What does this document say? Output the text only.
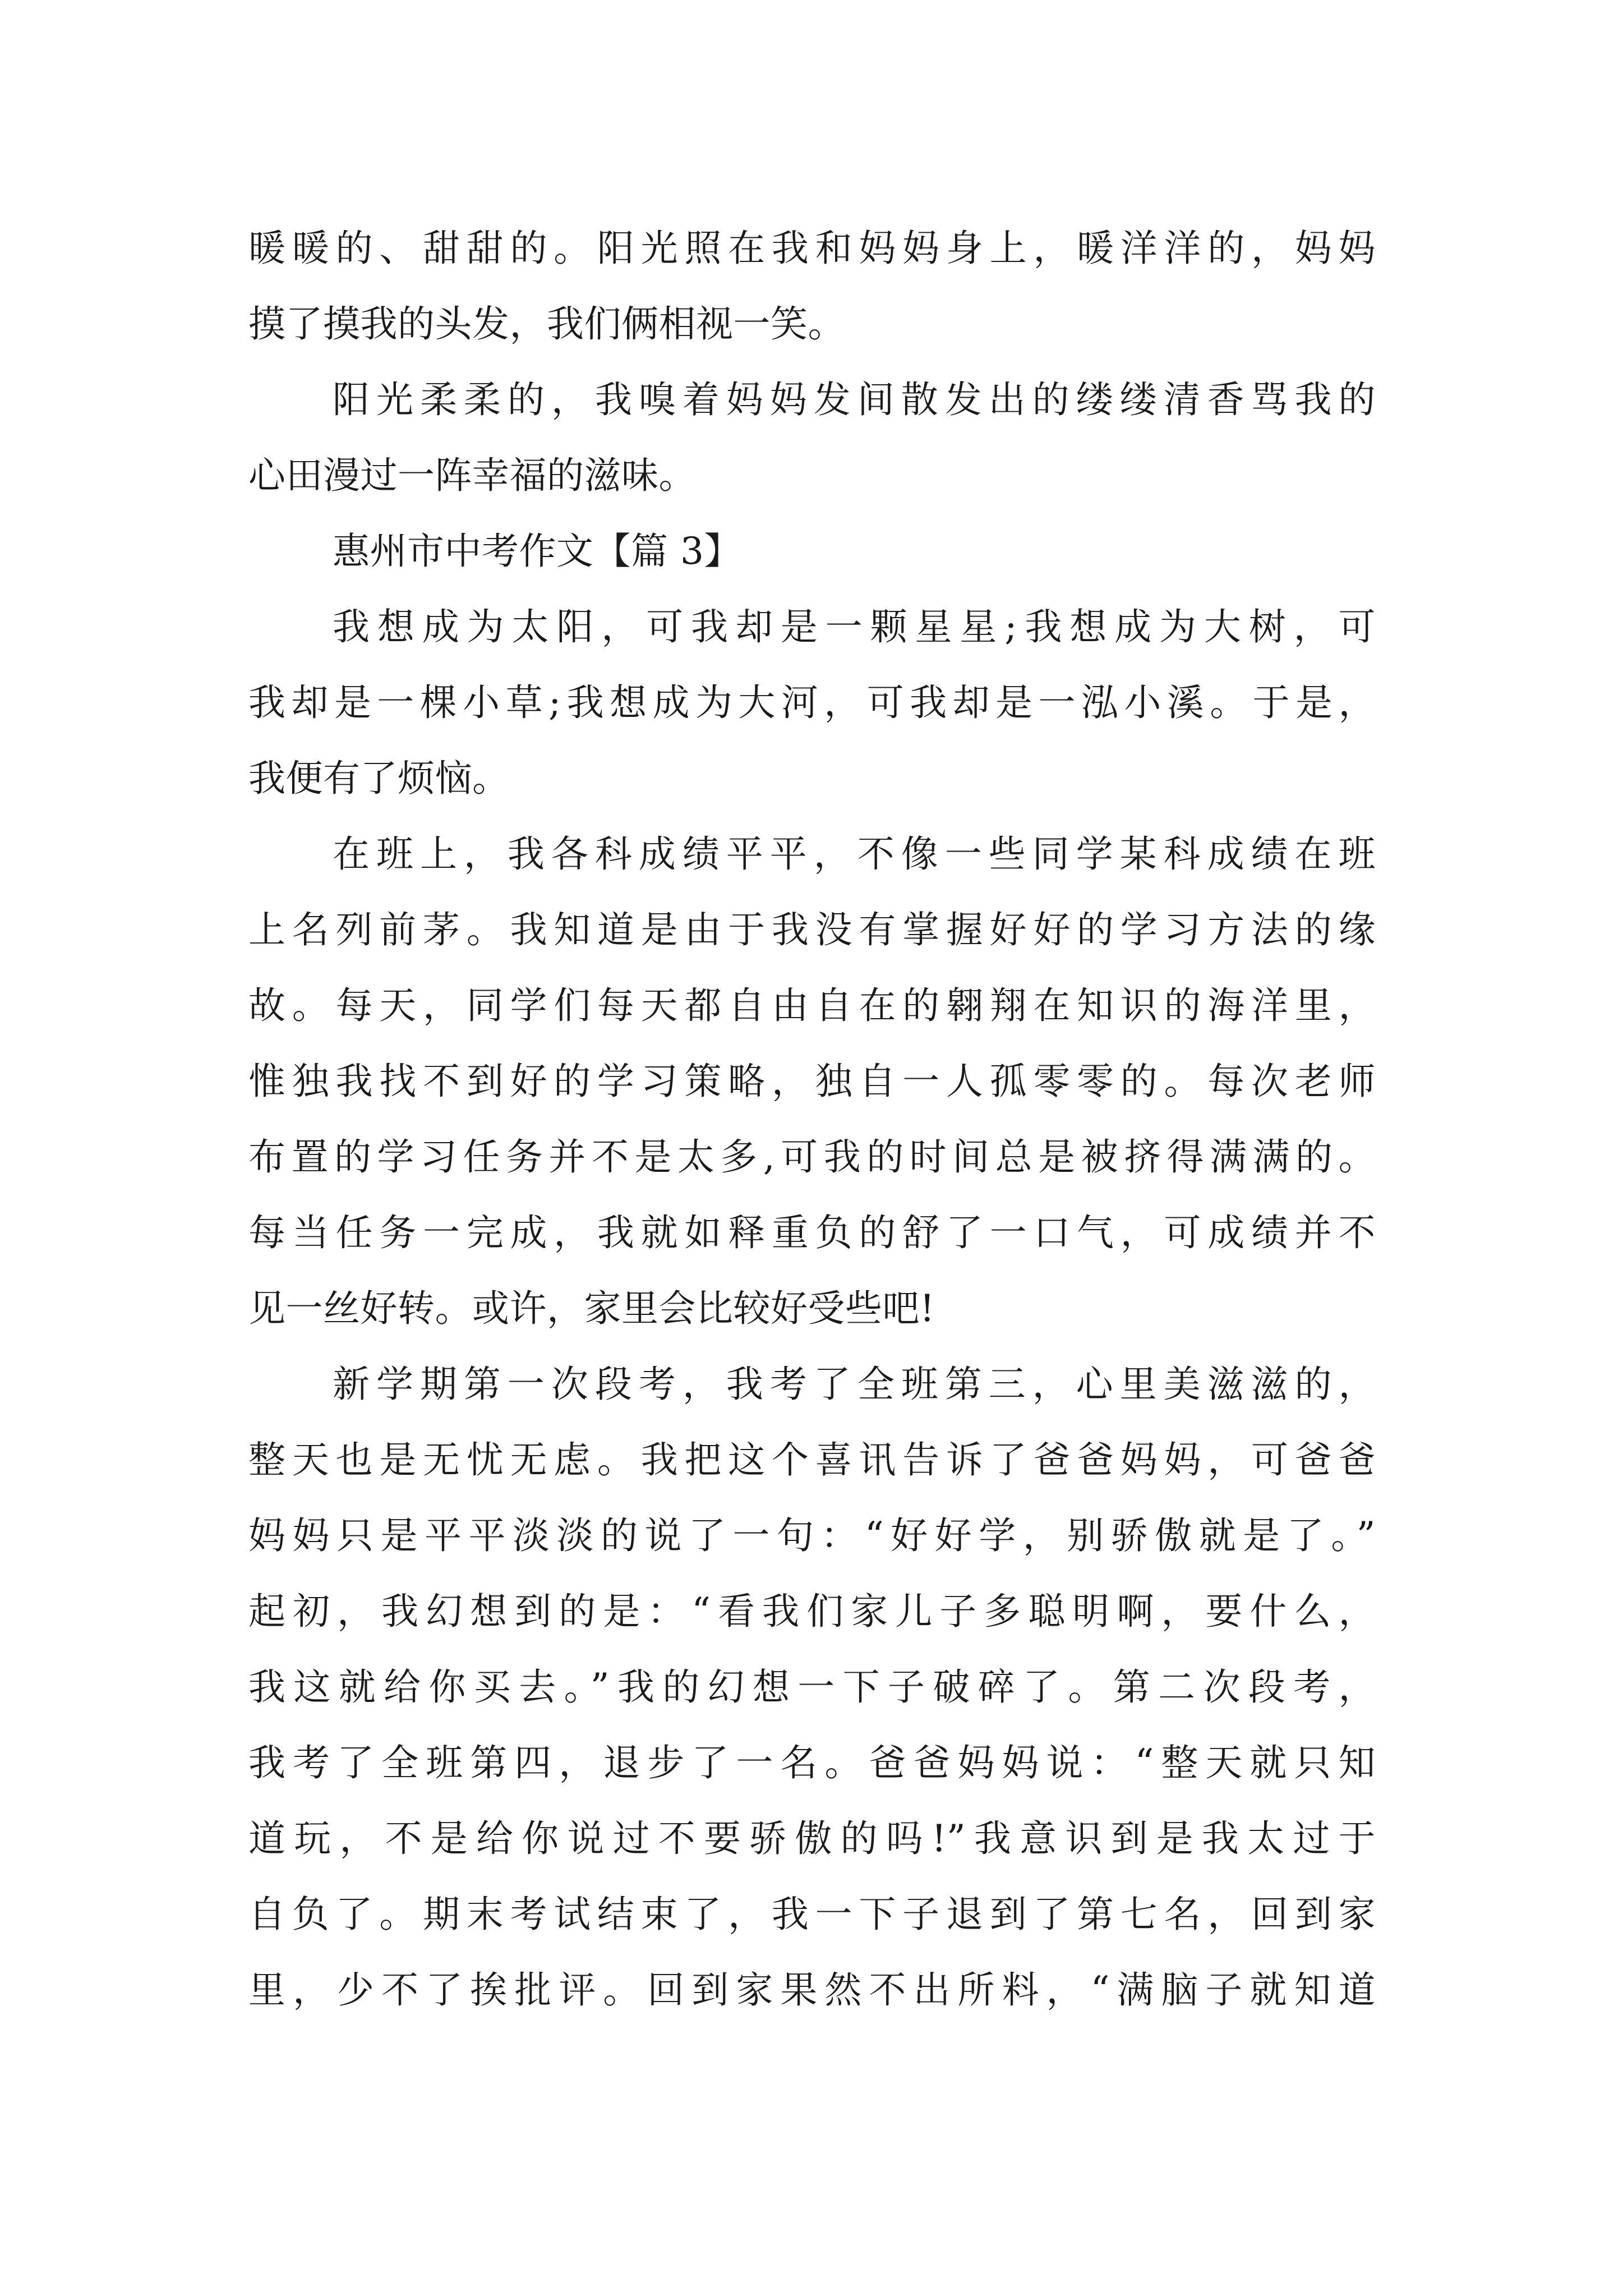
暖暖的、甜甜的。阳光照在我和妈妈身上，暖洋洋的，妈妈
摸了摸我的头发，我们俩相视一笑。
阳光柔柔的，我嗅着妈妈发间散发出的缕缕清香骂我的
心田漫过一阵幸福的滋味。
惠州市中考作文【篇 3】
我想成为太阳，可我却是一颗星星;我想成为大树，可
我却是一棵小草;我想成为大河，可我却是一泓小溪。于是，
我便有了烦恼。
在班上，我各科成绩平平，不像一些同学某科成绩在班
上名列前茅。我知道是由于我没有掌握好好的学习方法的缘
故。每天，同学们每天都自由自在的翱翔在知识的海洋里，
惟独我找不到好的学习策略，独自一人孤零零的。每次老师
布置的学习任务并不是太多,可我的时间总是被挤得满满的。
每当任务一完成，我就如释重负的舒了一口气，可成绩并不
见一丝好转。或许，家里会比较好受些吧!
新学期第一次段考，我考了全班第三，心里美滋滋的，
整天也是无忧无虑。我把这个喜讯告诉了爸爸妈妈，可爸爸
妈妈只是平平淡淡的说了一句：“好好学，别骄傲就是了。”
起初，我幻想到的是：“看我们家儿子多聪明啊，要什么，
我这就给你买去。”我的幻想一下子破碎了。第二次段考，
我考了全班第四，退步了一名。爸爸妈妈说：“整天就只知
道玩，不是给你说过不要骄傲的吗!”我意识到是我太过于
自负了。期末考试结束了，我一下子退到了第七名，回到家
里，少不了挨批评。回到家果然不出所料，“满脑子就知道
